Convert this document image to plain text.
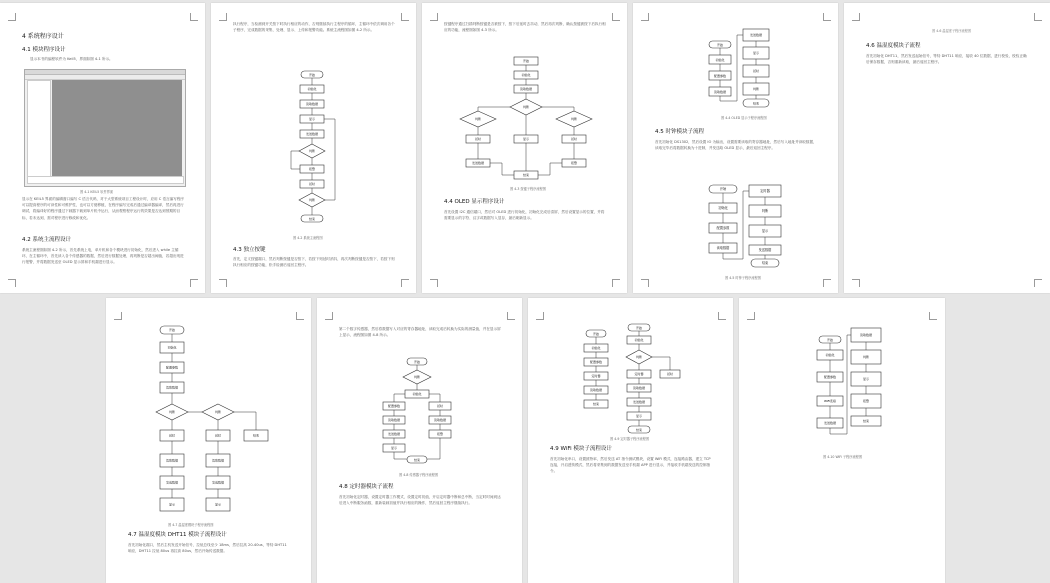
4 系统程序设计
4.1 模块程序设计
显示本书的编程软件为 Keil5，界面如图 4-1 所示。
图 4-1 KEIL5 软件界面
显示在 KEIL5 界面的编辑窗口编写 C 语言代码，对于大型系统项目工程设计时，应用 C 语言编写程序可以提高程序的可读性和可维护性，也可以方便移植，在程序编写完成后通过编译器编译，然后再进行调试，将编译好的程序通过下载器下载到单片机中运行，从而观察程序运行的效果是否达到预期的目标，若未达到，需对程序进行修改和优化。
4.2 系统主流程设计
系统主流程图如图 4-2 所示，首先系统上电，单片机和各个模块进行初始化，然后进入 while 主循环，在主循环中，首先读入各个传感器的数据，然后进行数据处理，再判断是否超出阈值，若超出则进行报警，并将数据发送至 OLED 显示屏和手机端进行显示。
执行程序，当检测到开关按下时执行相应的动作，否则继续执行主程序的循环，主循环中依次调用各个子程序，完成数据的采集、处理、显示、上传和报警功能。系统主流程图如图 4-2 所示。
开始
初始化
读取数据
显示
发送数据
判断
报警
延时
判断
结束
图 4-2 系统主流程图
4.3 独立按键
首先，定义按键端口，然后判断按键是否按下，若按下则延时消抖，再次判断按键是否按下，若按下则执行相应的按键功能，松手检测后返回主程序。
按键程序通过扫描判断按键是否被按下，按下后延时去抖动，然后再次判断，确认按键被按下后执行相应的功能，流程图如图 4-3 所示。
开始
初始化
读取数据
判断
判断	判断
延时	显示	延时
发送数据
结束
报警
图 4-3 按键子程序流程图
4.4 OLED 显示程序设计
首先设置 I2C 通信端口，然后对 OLED 进行初始化，初始化完成后清屏，然后设置显示的位置，并将需要显示的字符、汉字或数据写入显存，最后刷新显示。
开始
初始化
配置参数
读取数据
发送数据
显示
延时
判断
结束
图 4-4 OLED 显示子程序流程图
4.5 时钟模块子流程
首先初始化 DS1302，然后设置 IO 为输出，设置需要读取的寄存器地址，然后写入地址并读取数据，读取完毕后将数据转换为十进制，并发送给 OLED 显示，最后返回主程序。
开始
初始化
配置参数
读取数据
定时器
判断
显示
发送数据
结束
图 4-5 时钟子程序流程图
图 4-6 温湿度子程序流程图
4.6 温湿度模块子流程
首先初始化 DHT11，然后发送起始信号，等待 DHT11 响应，接收 40 位数据，进行校验，校验正确后保存数据，否则重新读取，最后返回主程序。
开始
初始化
配置参数
读取数据
判断	判断
延时	延时	结束
读取数据	读取数据
发送数据	发送数据
显示	显示
图 4-7 温湿度模块子程序流程图
4.7 温湿度模块 DHT11 模块子流程设计
首先初始化端口，然后主机发送开始信号，拉低总线至少 18ms，然后拉高 20-40us，等待 DHT11 响应，DHT11 拉低 80us 再拉高 80us，然后开始传送数据。
第二个数字传感器，然后将数据写入对应的寄存器地址，读取完成后转换为实际的测量值，并在显示屏上显示，流程图如图 4-8 所示。
开始
判断
初始化
配置参数
读取数据
发送数据
显示
延时
读取数据
报警
结束
图 4-8 传感器子程序流程图
4.8 定时器模块子流程
首先初始化定时器，设置定时器工作模式，设置定时初值，开启定时器中断和总中断，当定时时间到达后进入中断服务函数，重新装载初值并执行相应的操作，然后返回主程序继续执行。
开始
初始化
配置参数
定时器
读取数据
结束
开始
初始化
判断
定时器
读取数据
发送数据
显示
结束
延时
图 4-9 定时器子程序流程图
4.9 WiFi 模块子流程设计
首先初始化串口，设置波特率，然后发送 AT 指令测试模块，设置 WiFi 模式，连接路由器，建立 TCP 连接，开启透传模式，然后将采集到的数据发送至手机端 APP 进行显示，并接收手机端发送的控制指令。
开始
初始化
配置参数
WiFi连接
发送数据
读取数据
判断
显示
报警
结束
图 4-10 WiFi 子程序流程图
